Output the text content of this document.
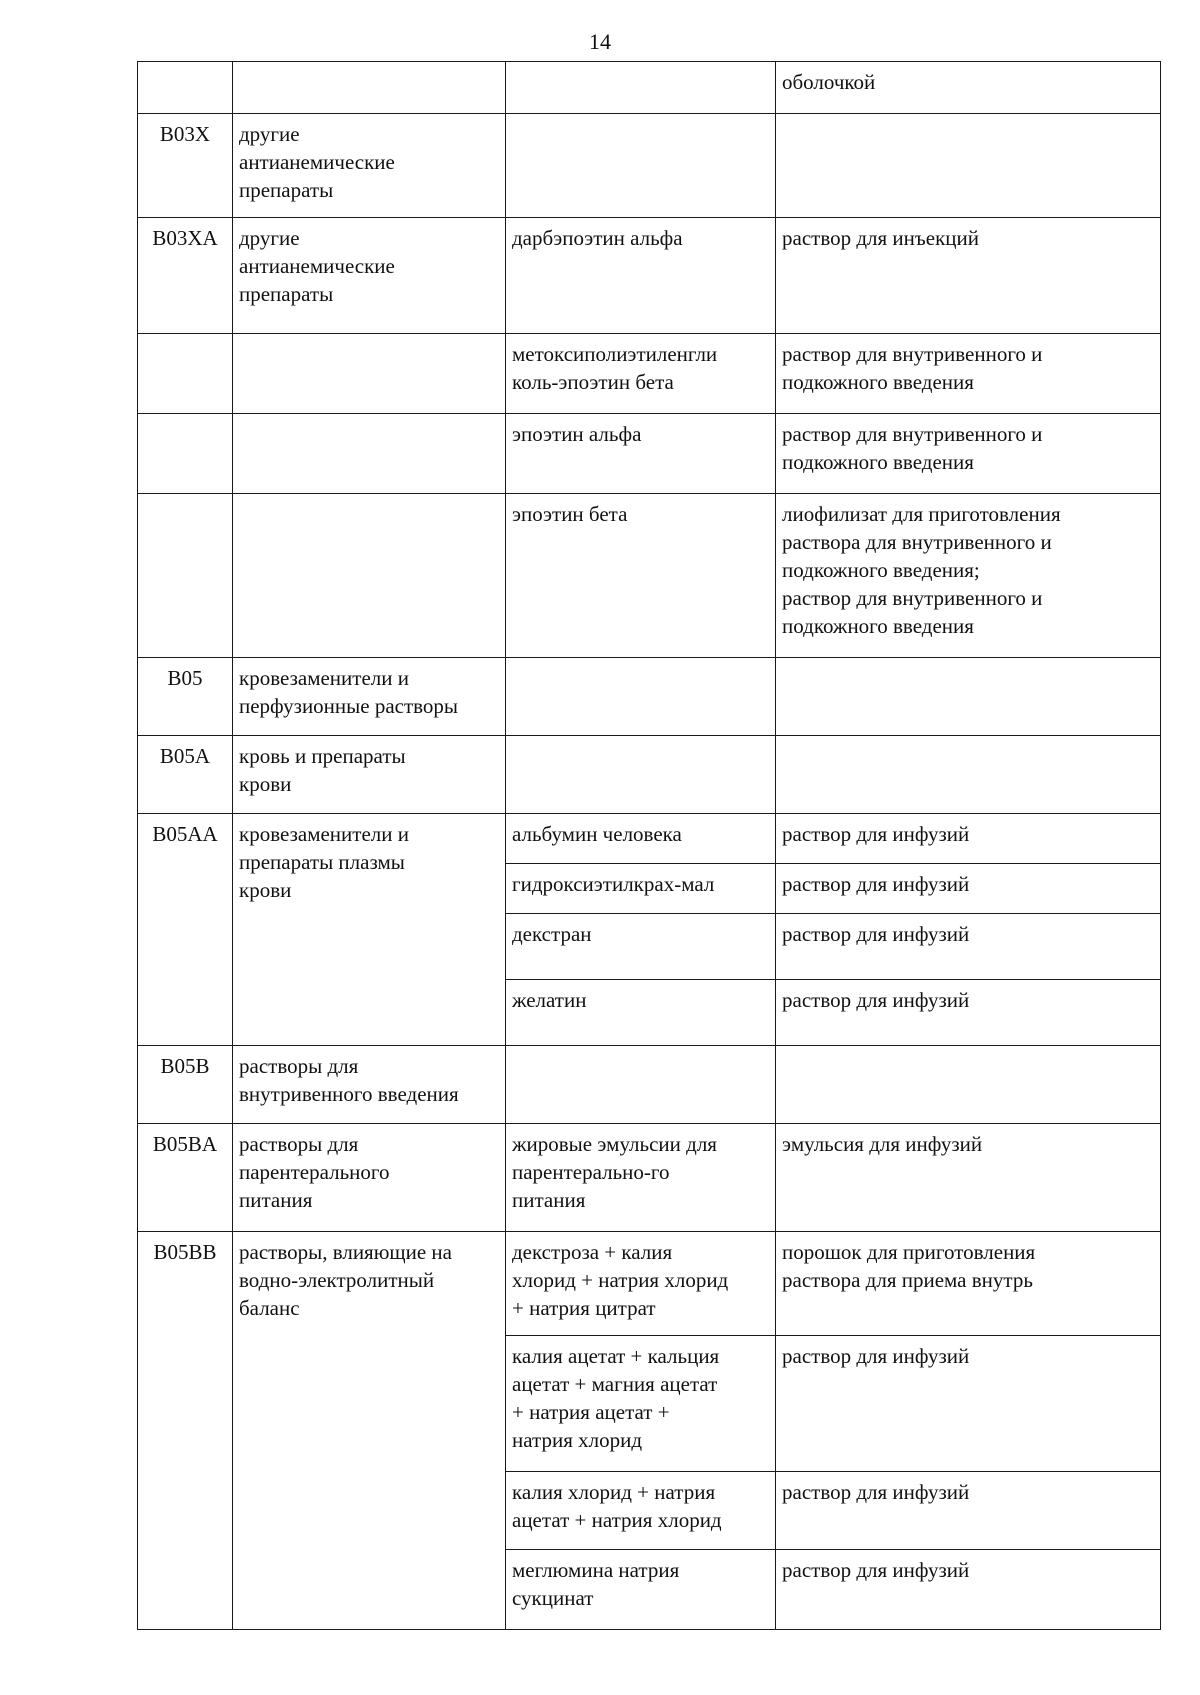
14
			оболочкой
B03X	другие
антианемические
препараты		
B03XA	другие
антианемические
препараты	дарбэпоэтин альфа	раствор для инъекций
		метоксиполиэтиленгли
коль-эпоэтин бета	раствор для внутривенного и
подкожного введения
		эпоэтин альфа	раствор для внутривенного и
подкожного введения
		эпоэтин бета	лиофилизат для приготовления
раствора для внутривенного и
подкожного введения;
раствор для внутривенного и
подкожного введения
B05	кровезаменители и
перфузионные растворы		
B05A	кровь и препараты
крови		
B05AA	кровезаменители и
препараты плазмы
крови	альбумин человека	раствор для инфузий
		гидроксиэтилкрах-мал	раствор для инфузий
		декстран	раствор для инфузий
		желатин	раствор для инфузий
B05B	растворы для
внутривенного введения		
B05BA	растворы для
парентерального
питания	жировые эмульсии для
парентерально-го
питания	эмульсия для инфузий
B05BB	растворы, влияющие на
водно-электролитный
баланс	декстроза + калия
хлорид + натрия хлорид
+ натрия цитрат	порошок для приготовления
раствора для приема внутрь
		калия ацетат + кальция
ацетат + магния ацетат
+ натрия ацетат +
натрия хлорид	раствор для инфузий
		калия хлорид + натрия
ацетат + натрия хлорид	раствор для инфузий
		меглюмина натрия
сукцинат	раствор для инфузий
